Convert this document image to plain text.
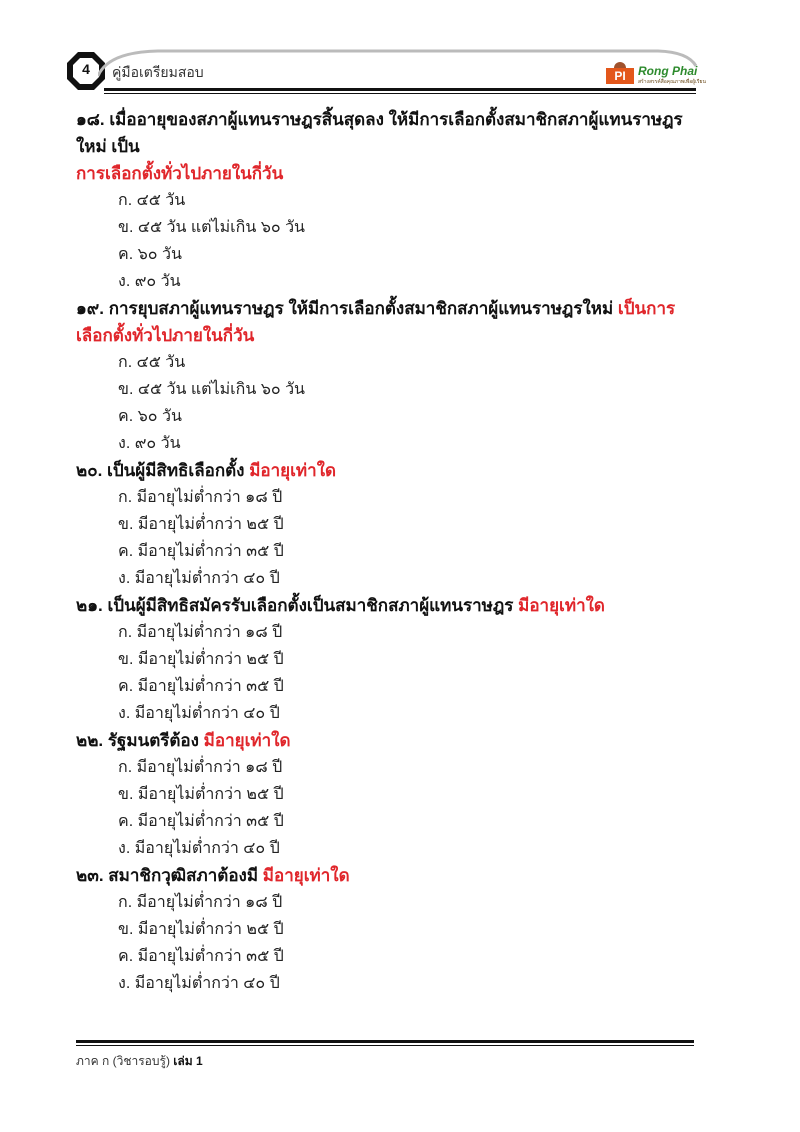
4	คู่มือเตรียมสอบ	PI	Rong Phai
สร้างสรรค์สื่อคุณภาพเพื่อผู้เรียน
๑๘. เมื่ออายุของสภาผู้แทนราษฎรสิ้นสุดลง ให้มีการเลือกตั้งสมาชิกสภาผู้แทนราษฎรใหม่ เป็น
การเลือกตั้งทั่วไปภายในกี่วัน
ก. ๔๕ วัน
ข. ๔๕ วัน แต่ไม่เกิน ๖๐ วัน
ค. ๖๐ วัน
ง. ๙๐ วัน
๑๙. การยุบสภาผู้แทนราษฎร ให้มีการเลือกตั้งสมาชิกสภาผู้แทนราษฎรใหม่ เป็นการเลือกตั้งทั่วไปภายในกี่วัน
ก. ๔๕ วัน
ข. ๔๕ วัน แต่ไม่เกิน ๖๐ วัน
ค. ๖๐ วัน
ง. ๙๐ วัน
๒๐. เป็นผู้มีสิทธิเลือกตั้ง มีอายุเท่าใด
ก. มีอายุไม่ต่ำกว่า ๑๘ ปี
ข. มีอายุไม่ต่ำกว่า ๒๕ ปี
ค. มีอายุไม่ต่ำกว่า ๓๕ ปี
ง. มีอายุไม่ต่ำกว่า ๔๐ ปี
๒๑. เป็นผู้มีสิทธิสมัครรับเลือกตั้งเป็นสมาชิกสภาผู้แทนราษฎร มีอายุเท่าใด
ก. มีอายุไม่ต่ำกว่า ๑๘ ปี
ข. มีอายุไม่ต่ำกว่า ๒๕ ปี
ค. มีอายุไม่ต่ำกว่า ๓๕ ปี
ง. มีอายุไม่ต่ำกว่า ๔๐ ปี
๒๒. รัฐมนตรีต้อง มีอายุเท่าใด
ก. มีอายุไม่ต่ำกว่า ๑๘ ปี
ข. มีอายุไม่ต่ำกว่า ๒๕ ปี
ค. มีอายุไม่ต่ำกว่า ๓๕ ปี
ง. มีอายุไม่ต่ำกว่า ๔๐ ปี
๒๓. สมาชิกวุฒิสภาต้องมี มีอายุเท่าใด
ก. มีอายุไม่ต่ำกว่า ๑๘ ปี
ข. มีอายุไม่ต่ำกว่า ๒๕ ปี
ค. มีอายุไม่ต่ำกว่า ๓๕ ปี
ง. มีอายุไม่ต่ำกว่า ๔๐ ปี
ภาค ก (วิชารอบรู้) เล่ม 1
